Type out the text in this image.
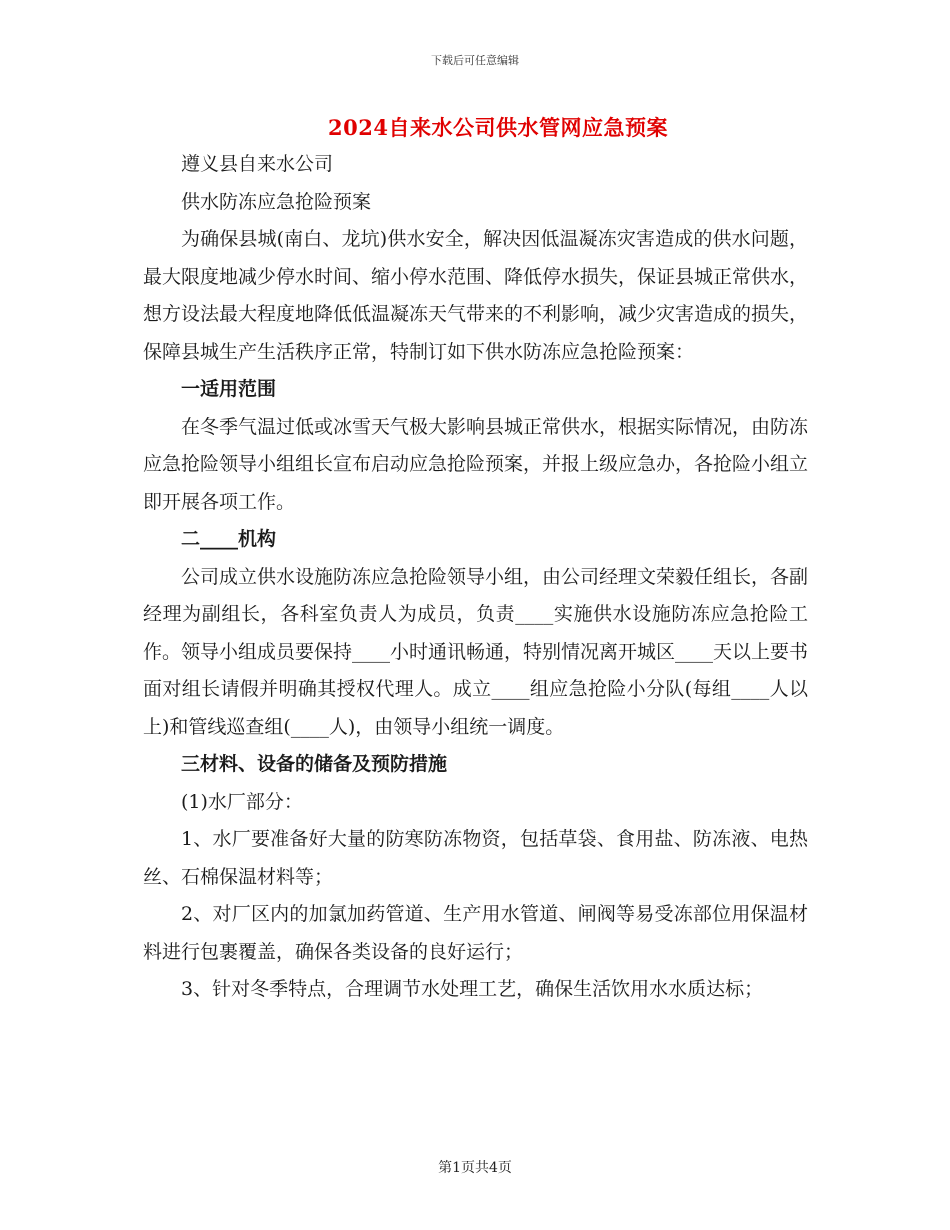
下载后可任意编辑
2024自来水公司供水管网应急预案

遵义县自来水公司

供水防冻应急抢险预案

为确保县城(南白、龙坑)供水安全，解决因低温凝冻灾害造成的供水问题，最大限度地减少停水时间、缩小停水范围、降低停水损失，保证县城正常供水，想方设法最大程度地降低低温凝冻天气带来的不利影响，减少灾害造成的损失，保障县城生产生活秩序正常，特制订如下供水防冻应急抢险预案：

一适用范围

在冬季气温过低或冰雪天气极大影响县城正常供水，根据实际情况，由防冻应急抢险领导小组组长宣布启动应急抢险预案，并报上级应急办，各抢险小组立即开展各项工作。

二____机构

公司成立供水设施防冻应急抢险领导小组，由公司经理文荣毅任组长，各副经理为副组长，各科室负责人为成员，负责____实施供水设施防冻应急抢险工作。领导小组成员要保持____小时通讯畅通，特别情况离开城区____天以上要书面对组长请假并明确其授权代理人。成立____组应急抢险小分队(每组____人以上)和管线巡查组(____人)，由领导小组统一调度。

三材料、设备的储备及预防措施

(1)水厂部分：

1、水厂要准备好大量的防寒防冻物资，包括草袋、食用盐、防冻液、电热丝、石棉保温材料等；

2、对厂区内的加氯加药管道、生产用水管道、闸阀等易受冻部位用保温材料进行包裹覆盖，确保各类设备的良好运行；

3、针对冬季特点，合理调节水处理工艺，确保生活饮用水水质达标；

第1页共4页
